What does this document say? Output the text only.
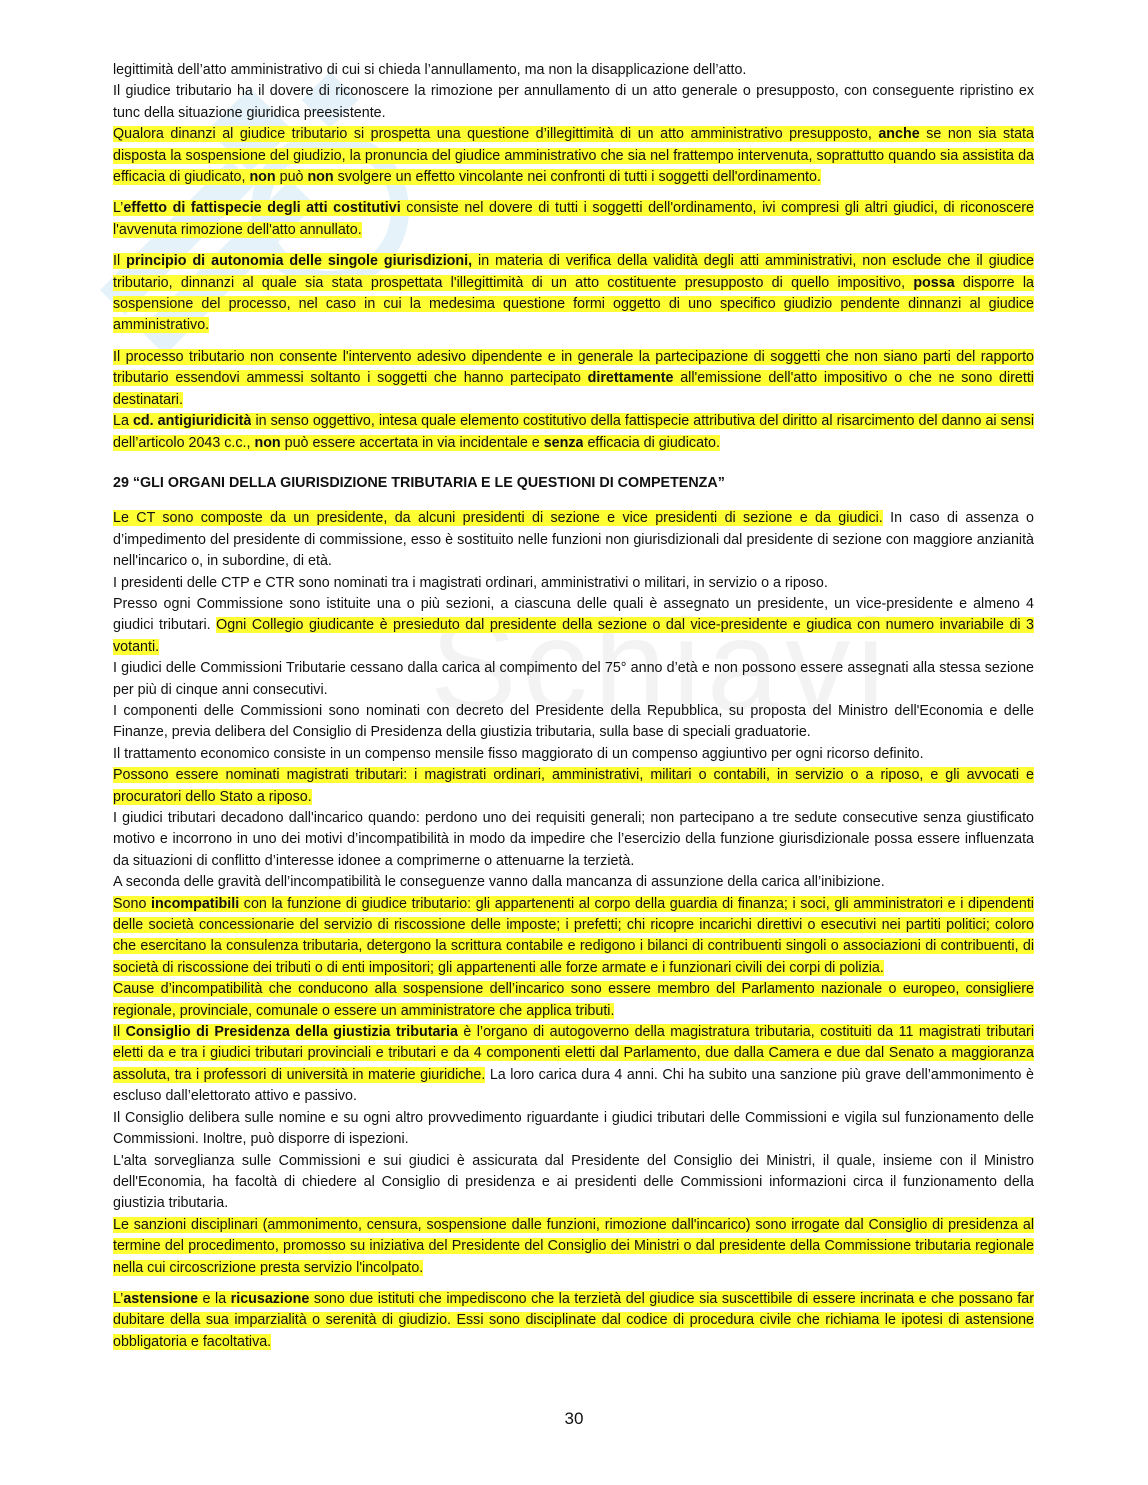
legittimità dell’atto amministrativo di cui si chieda l’annullamento, ma non la disapplicazione dell’atto.

Il giudice tributario ha il dovere di riconoscere la rimozione per annullamento di un atto generale o presupposto, con conseguente ripristino ex tunc della situazione giuridica preesistente.

Qualora dinanzi al giudice tributario si prospetta una questione d’illegittimità di un atto amministrativo presupposto, anche se non sia stata disposta la sospensione del giudizio, la pronuncia del giudice amministrativo che sia nel frattempo intervenuta, soprattutto quando sia assistita da efficacia di giudicato, non può non svolgere un effetto vincolante nei confronti di tutti i soggetti dell'ordinamento.

L’effetto di fattispecie degli atti costitutivi consiste nel dovere di tutti i soggetti dell'ordinamento, ivi compresi gli altri giudici, di riconoscere l'avvenuta rimozione dell'atto annullato.

Il principio di autonomia delle singole giurisdizioni, in materia di verifica della validità degli atti amministrativi, non esclude che il giudice tributario, dinnanzi al quale sia stata prospettata l'illegittimità di un atto costituente presupposto di quello impositivo, possa disporre la sospensione del processo, nel caso in cui la medesima questione formi oggetto di uno specifico giudizio pendente dinnanzi al giudice amministrativo.

Il processo tributario non consente l'intervento adesivo dipendente e in generale la partecipazione di soggetti che non siano parti del rapporto tributario essendovi ammessi soltanto i soggetti che hanno partecipato direttamente all'emissione dell'atto impositivo o che ne sono diretti destinatari.

La cd. antigiuridicità in senso oggettivo, intesa quale elemento costitutivo della fattispecie attributiva del diritto al risarcimento del danno ai sensi dell’articolo 2043 c.c., non può essere accertata in via incidentale e senza efficacia di giudicato.

29 “GLI ORGANI DELLA GIURISDIZIONE TRIBUTARIA E LE QUESTIONI DI COMPETENZA”

Le CT sono composte da un presidente, da alcuni presidenti di sezione e vice presidenti di sezione e da giudici. In caso di assenza o d’impedimento del presidente di commissione, esso è sostituito nelle funzioni non giurisdizionali dal presidente di sezione con maggiore anzianità nell'incarico o, in subordine, di età.

I presidenti delle CTP e CTR sono nominati tra i magistrati ordinari, amministrativi o militari, in servizio o a riposo.

Presso ogni Commissione sono istituite una o più sezioni, a ciascuna delle quali è assegnato un presidente, un vice-presidente e almeno 4 giudici tributari. Ogni Collegio giudicante è presieduto dal presidente della sezione o dal vice-presidente e giudica con numero invariabile di 3 votanti.

I giudici delle Commissioni Tributarie cessano dalla carica al compimento del 75° anno d’età e non possono essere assegnati alla stessa sezione per più di cinque anni consecutivi.

I componenti delle Commissioni sono nominati con decreto del Presidente della Repubblica, su proposta del Ministro dell'Economia e delle Finanze, previa delibera del Consiglio di Presidenza della giustizia tributaria, sulla base di speciali graduatorie.

Il trattamento economico consiste in un compenso mensile fisso maggiorato di un compenso aggiuntivo per ogni ricorso definito.

Possono essere nominati magistrati tributari: i magistrati ordinari, amministrativi, militari o contabili, in servizio o a riposo, e gli avvocati e procuratori dello Stato a riposo.

I giudici tributari decadono dall'incarico quando: perdono uno dei requisiti generali; non partecipano a tre sedute consecutive senza giustificato motivo e incorrono in uno dei motivi d’incompatibilità in modo da impedire che l’esercizio della funzione giurisdizionale possa essere influenzata da situazioni di conflitto d’interesse idonee a comprimerne o attenuarne la terzietà.

A seconda delle gravità dell’incompatibilità le conseguenze vanno dalla mancanza di assunzione della carica all’inibizione.

Sono incompatibili con la funzione di giudice tributario: gli appartenenti al corpo della guardia di finanza; i soci, gli amministratori e i dipendenti delle società concessionarie del servizio di riscossione delle imposte; i prefetti; chi ricopre incarichi direttivi o esecutivi nei partiti politici; coloro che esercitano la consulenza tributaria, detergono la scrittura contabile e redigono i bilanci di contribuenti singoli o associazioni di contribuenti, di società di riscossione dei tributi o di enti impositori; gli appartenenti alle forze armate e i funzionari civili dei corpi di polizia.

Cause d’incompatibilità che conducono alla sospensione dell’incarico sono essere membro del Parlamento nazionale o europeo, consigliere regionale, provinciale, comunale o essere un amministratore che applica tributi.

Il Consiglio di Presidenza della giustizia tributaria è l’organo di autogoverno della magistratura tributaria, costituiti da 11 magistrati tributari eletti da e tra i giudici tributari provinciali e tributari e da 4 componenti eletti dal Parlamento, due dalla Camera e due dal Senato a maggioranza assoluta, tra i professori di università in materie giuridiche. La loro carica dura 4 anni. Chi ha subito una sanzione più grave dell’ammonimento è escluso dall’elettorato attivo e passivo.

Il Consiglio delibera sulle nomine e su ogni altro provvedimento riguardante i giudici tributari delle Commissioni e vigila sul funzionamento delle Commissioni. Inoltre, può disporre di ispezioni.

L'alta sorveglianza sulle Commissioni e sui giudici è assicurata dal Presidente del Consiglio dei Ministri, il quale, insieme con il Ministro dell'Economia, ha facoltà di chiedere al Consiglio di presidenza e ai presidenti delle Commissioni informazioni circa il funzionamento della giustizia tributaria.

Le sanzioni disciplinari (ammonimento, censura, sospensione dalle funzioni, rimozione dall'incarico) sono irrogate dal Consiglio di presidenza al termine del procedimento, promosso su iniziativa del Presidente del Consiglio dei Ministri o dal presidente della Commissione tributaria regionale nella cui circoscrizione presta servizio l'incolpato.

L’astensione e la ricusazione sono due istituti che impediscono che la terzietà del giudice sia suscettibile di essere incrinata e che possano far dubitare della sua imparzialità o serenità di giudizio. Essi sono disciplinate dal codice di procedura civile che richiama le ipotesi di astensione obbligatoria e facoltativa.

30
